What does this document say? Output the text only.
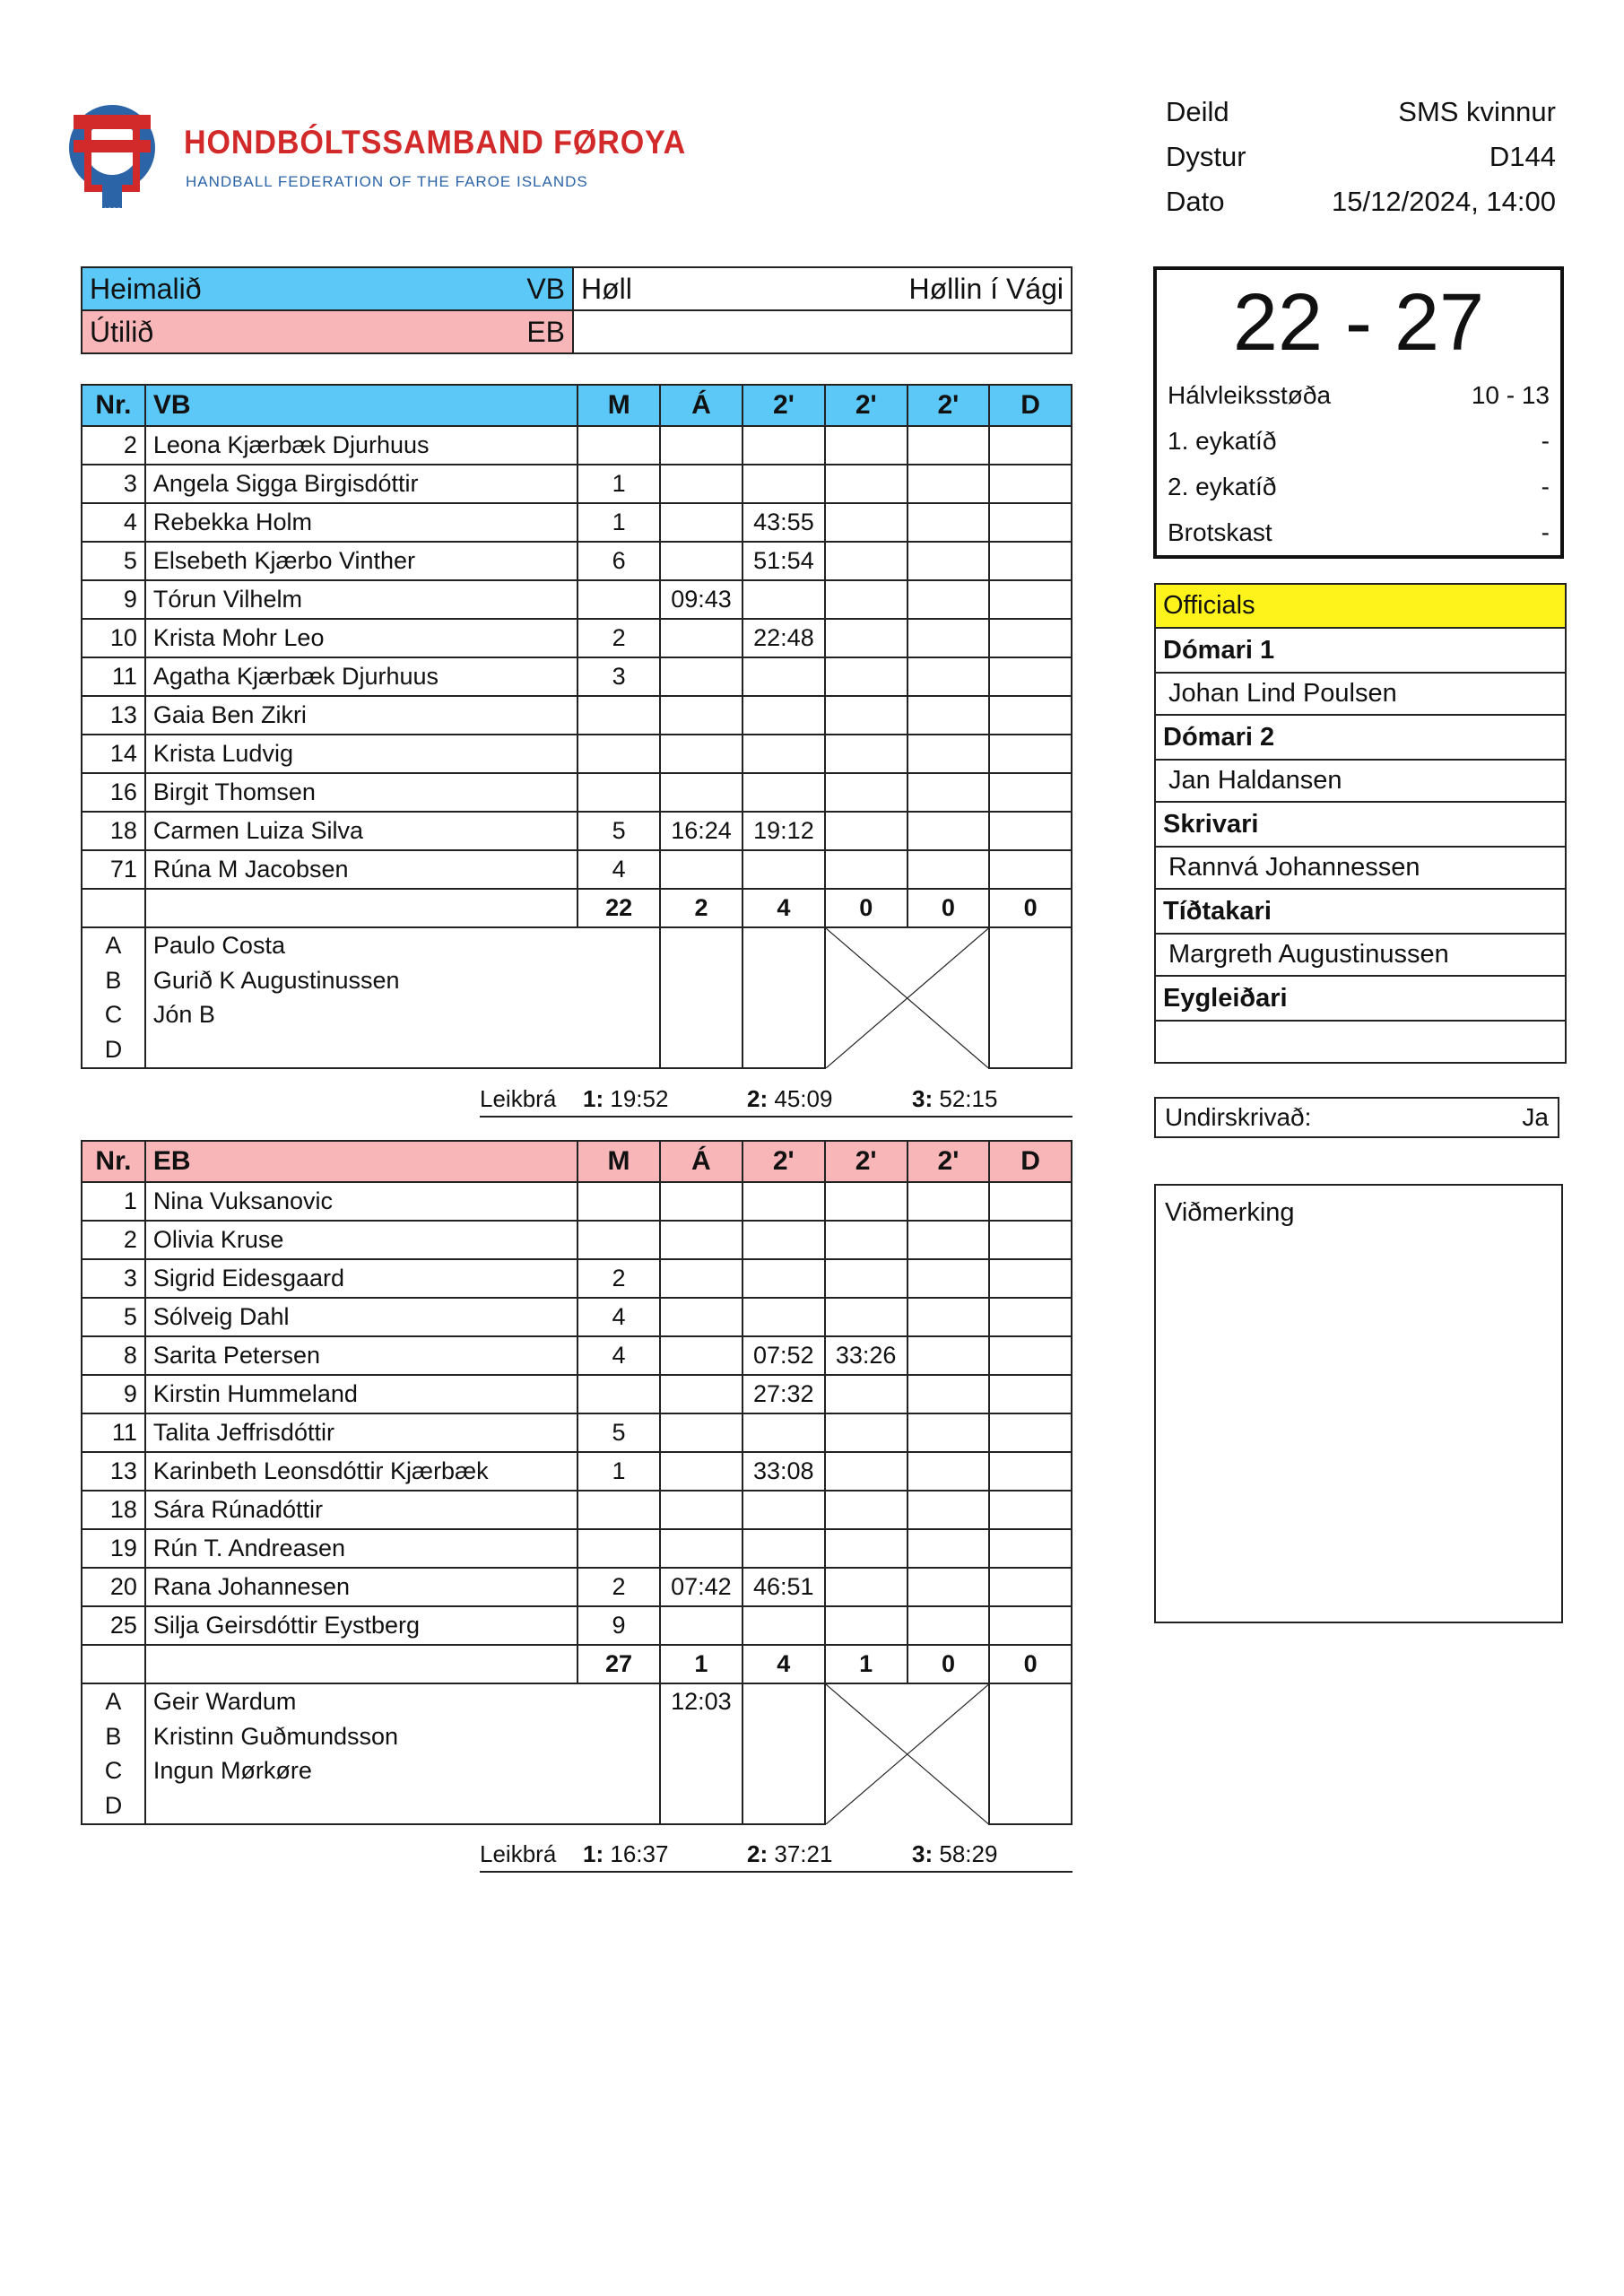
1980
HONDBÓLTSSAMBAND FØROYA
HANDBALL FEDERATION OF THE FAROE ISLANDS
Deild	SMS kvinnur
Dystur	D144
Dato	15/12/2024, 14:00
Heimalið VB	Høll Høllin í Vági

Útilið EB	

Nr.	VB	M	Á	2'	2'	2'	D
2	Leona Kjærbæk Djurhuus						
3	Angela Sigga Birgisdóttir	1					
4	Rebekka Holm	1		43:55			
5	Elsebeth Kjærbo Vinther	6		51:54			
9	Tórun Vilhelm		09:43				
10	Krista Mohr Leo	2		22:48			
11	Agatha Kjærbæk Djurhuus	3					
13	Gaia Ben Zikri						
14	Krista Ludvig						
16	Birgit Thomsen						
18	Carmen Luiza Silva	5	16:24	19:12			
71	Rúna M Jacobsen	4					
		22	2	4	0	0	0
A	Paulo Costa				

B	Gurið K Augustinussen						
C	Jón B						
D							
Leikbrá 1: 19:52	2: 45:09	3: 52:15
Nr.	EB	M	Á	2'	2'	2'	D
1	Nina Vuksanovic						
2	Olivia Kruse						
3	Sigrid Eidesgaard	2					
5	Sólveig Dahl	4					
8	Sarita Petersen	4		07:52	33:26		
9	Kirstin Hummeland			27:32			
11	Talita Jeffrisdóttir	5					
13	Karinbeth Leonsdóttir Kjærbæk	1		33:08			
18	Sára Rúnadóttir						
19	Rún T. Andreasen						
20	Rana Johannesen	2	07:42	46:51			
25	Silja Geirsdóttir Eystberg	9					
		27	1	4	1	0	0
A	Geir Wardum		12:03		

B	Kristinn Guðmundsson						
C	Ingun Mørkøre						
D							
Leikbrá 1: 16:37	2: 37:21	3: 58:29
22 - 27
Hálvleiksstøða	10 - 13
1. eykatíð	-
2. eykatíð	-
Brotskast	-
Officials
Dómari 1
Johan Lind Poulsen
Dómari 2
Jan Haldansen
Skrivari
Rannvá Johannessen
Tíðtakari
Margreth Augustinussen
Eygleiðari
Undirskrivað:	Ja
Viðmerking
